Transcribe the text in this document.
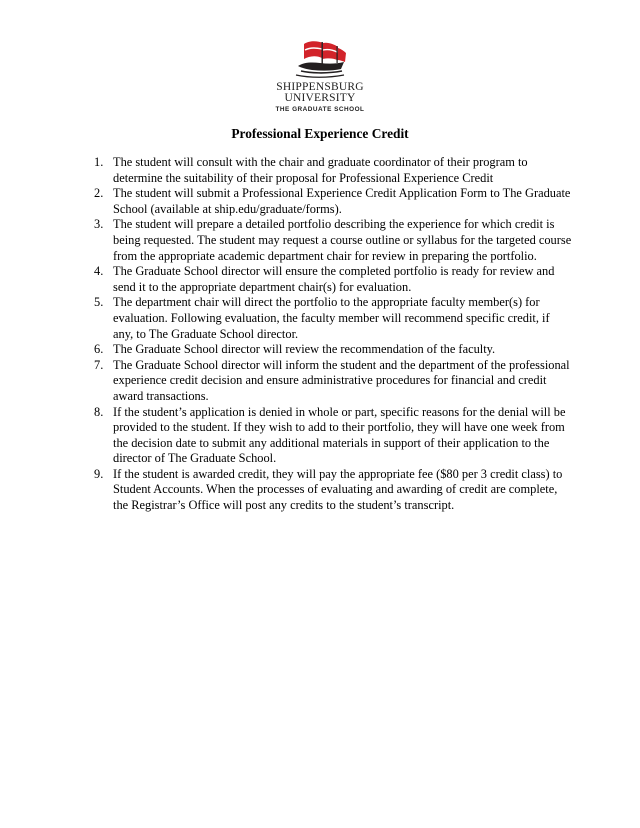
SHIPPENSBURG
UNIVERSITY
THE GRADUATE SCHOOL
Professional Experience Credit
1. The student will consult with the chair and graduate coordinator of their program to determine the suitability of their proposal for Professional Experience Credit
2. The student will submit a Professional Experience Credit Application Form to The Graduate School (available at ship.edu/graduate/forms).
3. The student will prepare a detailed portfolio describing the experience for which credit is being requested. The student may request a course outline or syllabus for the targeted course from the appropriate academic department chair for review in preparing the portfolio.
4. The Graduate School director will ensure the completed portfolio is ready for review and send it to the appropriate department chair(s) for evaluation.
5. The department chair will direct the portfolio to the appropriate faculty member(s) for evaluation. Following evaluation, the faculty member will recommend specific credit, if any, to The Graduate School director.
6. The Graduate School director will review the recommendation of the faculty.
7. The Graduate School director will inform the student and the department of the professional experience credit decision and ensure administrative procedures for financial and credit award transactions.
8. If the student’s application is denied in whole or part, specific reasons for the denial will be provided to the student. If they wish to add to their portfolio, they will have one week from the decision date to submit any additional materials in support of their application to the director of The Graduate School.
9. If the student is awarded credit, they will pay the appropriate fee ($80 per 3 credit class) to Student Accounts. When the processes of evaluating and awarding of credit are complete, the Registrar’s Office will post any credits to the student’s transcript.
